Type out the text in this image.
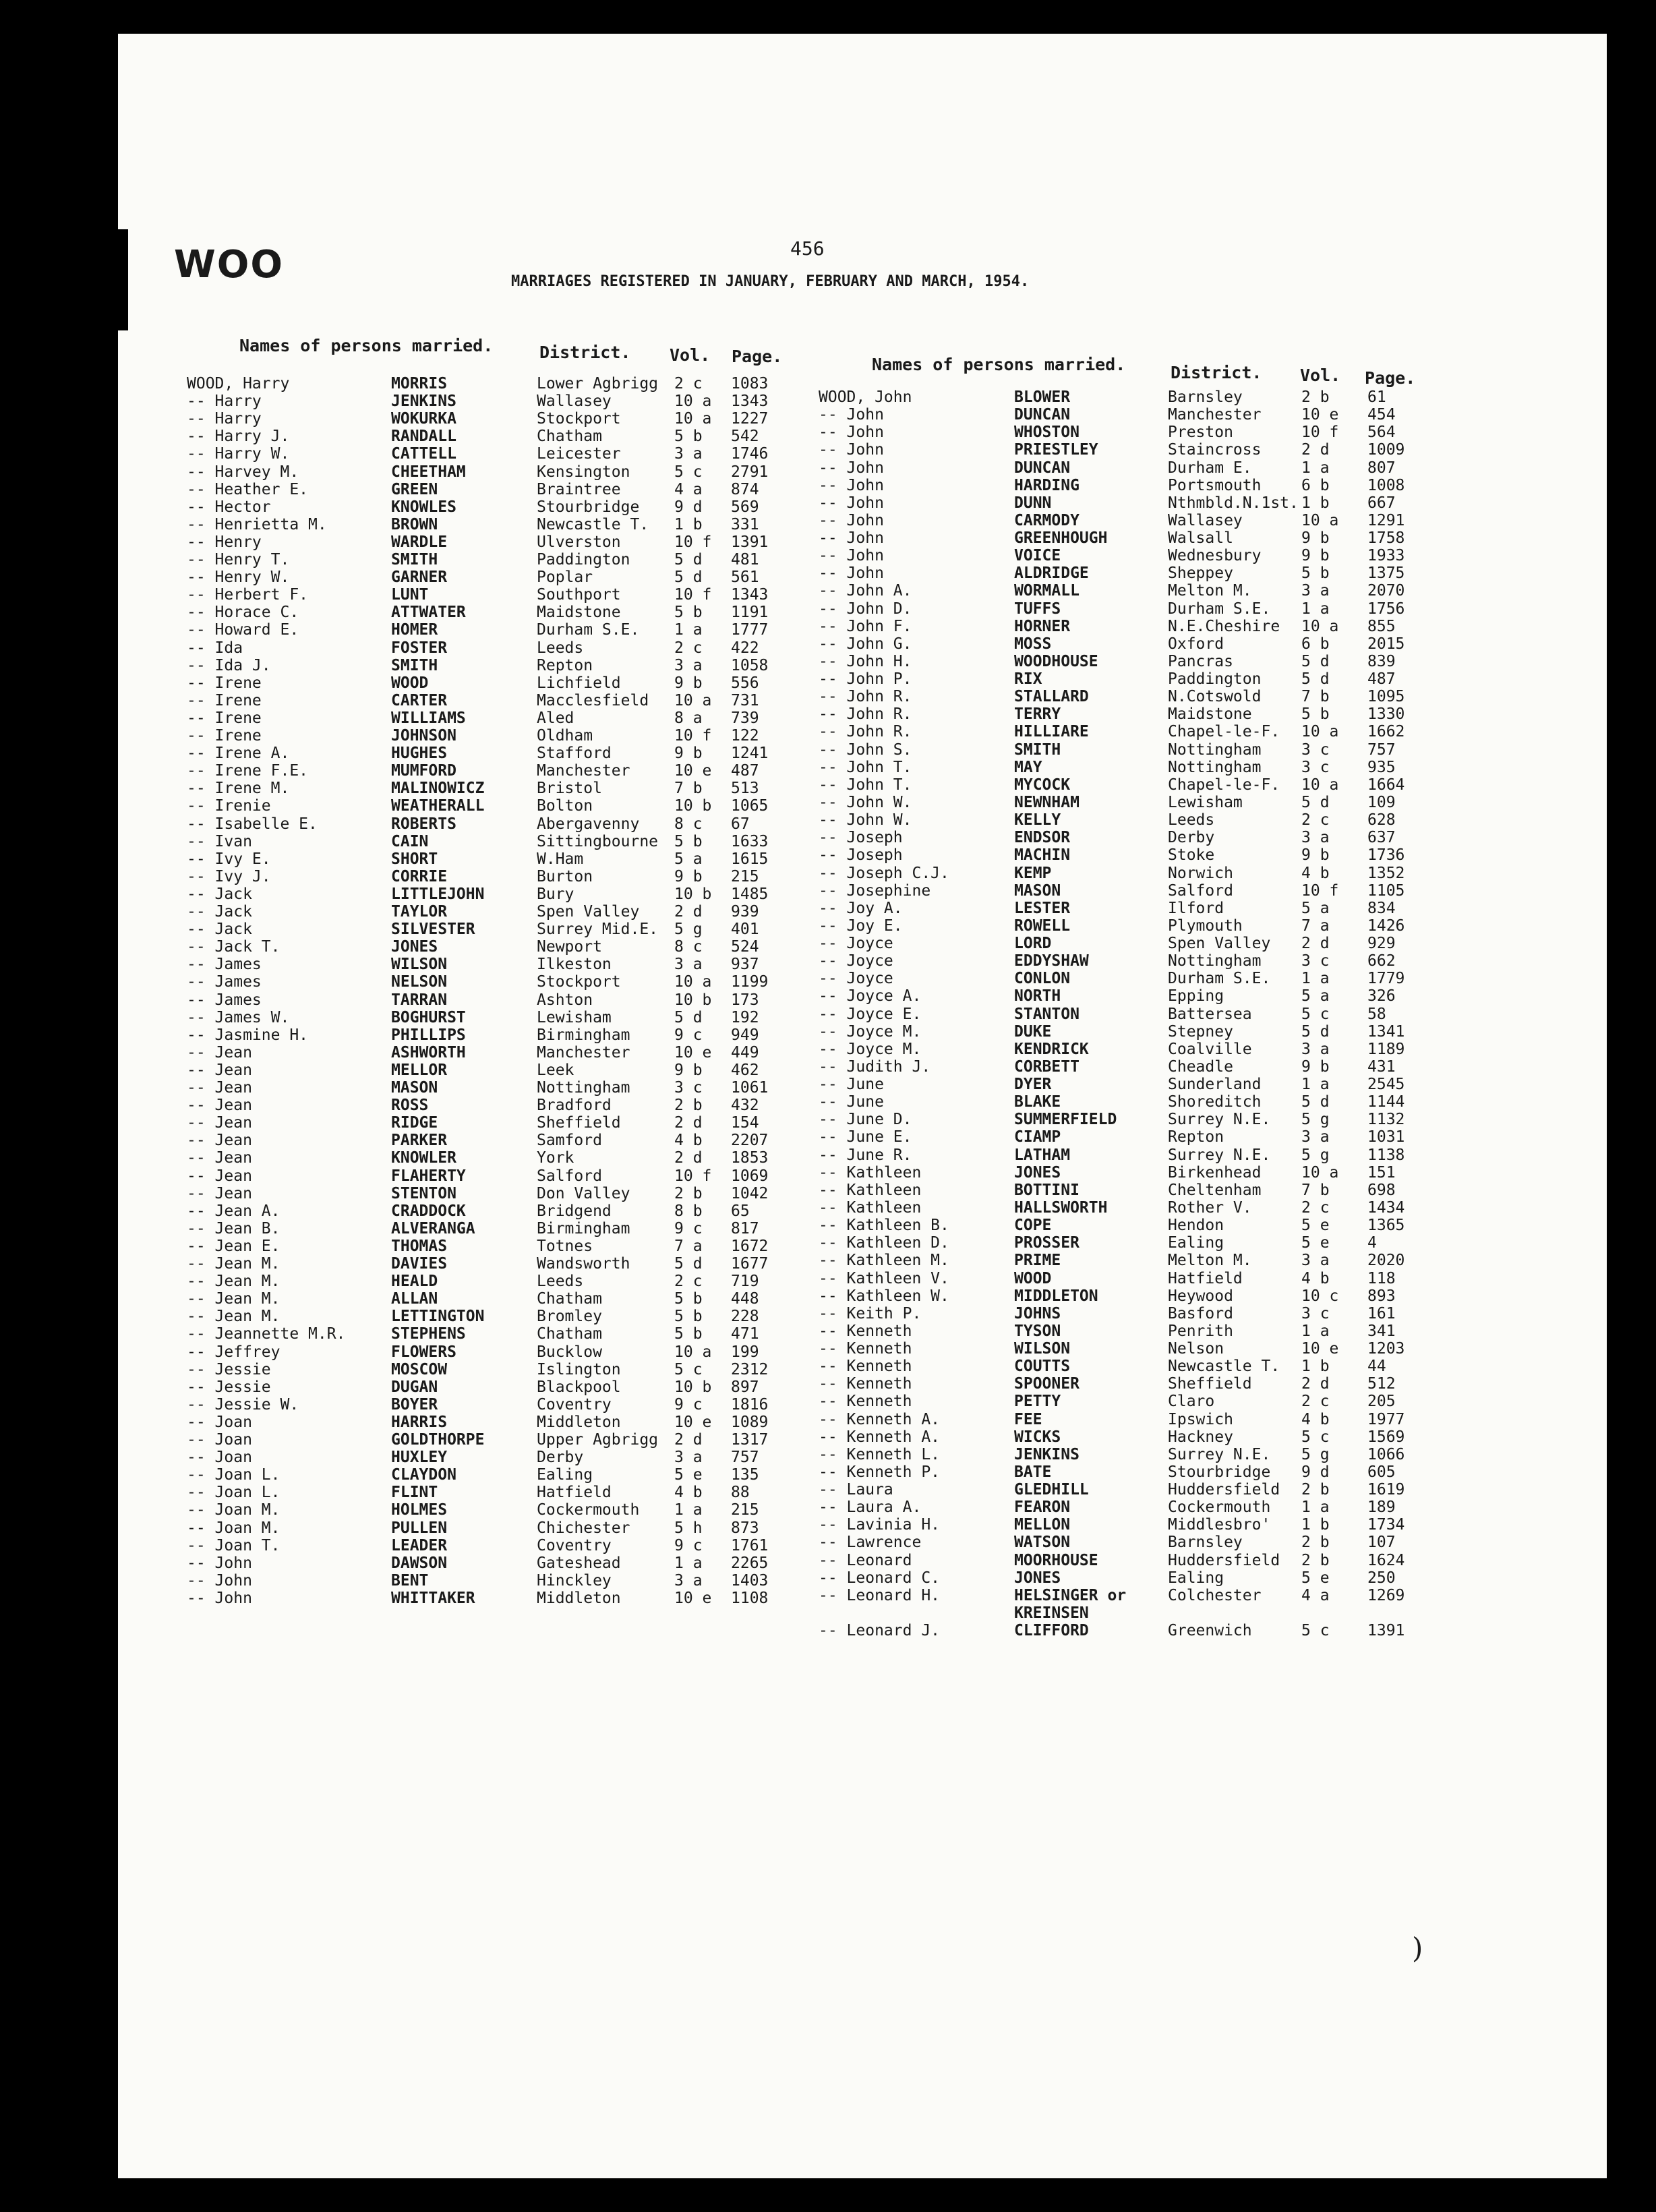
WOO	456
MARRIAGES REGISTERED IN JANUARY, FEBRUARY AND MARCH, 1954.
Names of persons married.	District. Vol. Page.	Names of persons married.	District. Vol. Page.
WOOD, Harry	MORRIS	Lower Agbrigg 2 c 1083
-- Harry	JENKINS	Wallasey	10 a 1343
-- Harry	WOKURKA	Stockport	10 a 1227
-- Harry J.	RANDALL	Chatham	5 b 542
-- Harry W.	CATTELL	Leicester	3 a 1746
-- Harvey M.	CHEETHAM	Kensington	5 c 2791
-- Heather E.	GREEN	Braintree	4 a 874
-- Hector	KNOWLES	Stourbridge 9 d 569
-- Henrietta M.	BROWN	Newcastle T. 1 b 331
-- Henry	WARDLE	Ulverston	10 f 1391
-- Henry T.	SMITH	Paddington	5 d 481
-- Henry W.	GARNER	Poplar	5 d 561
-- Herbert F.	LUNT	Southport	10 f 1343
-- Horace C.	ATTWATER	Maidstone	5 b 1191
-- Howard E.	HOMER	Durham S.E. 1 a 1777
-- Ida	FOSTER	Leeds	2 c 422
-- Ida J.	SMITH	Repton	3 a 1058
-- Irene	WOOD	Lichfield	9 b 556
-- Irene	CARTER	Macclesfield 10 a 731
-- Irene	WILLIAMS	Aled	8 a 739
-- Irene	JOHNSON	Oldham	10 f 122
-- Irene A.	HUGHES	Stafford	9 b 1241
-- Irene F.E.	MUMFORD	Manchester	10 e 487
-- Irene M.	MALINOWICZ	Bristol	7 b 513
-- Irenie	WEATHERALL	Bolton	10 b 1065
-- Isabelle E.	ROBERTS	Abergavenny 8 c 67
-- Ivan	CAIN	Sittingbourne 5 b 1633
-- Ivy E.	SHORT	W.Ham	5 a 1615
-- Ivy J.	CORRIE	Burton	9 b 215
-- Jack	LITTLEJOHN	Bury	10 b 1485
-- Jack	TAYLOR	Spen Valley 2 d 939
-- Jack	SILVESTER	Surrey Mid.E. 5 g 401
-- Jack T.	JONES	Newport	8 c 524
-- James	WILSON	Ilkeston	3 a 937
-- James	NELSON	Stockport	10 a 1199
-- James	TARRAN	Ashton	10 b 173
-- James W.	BOGHURST	Lewisham	5 d 192
-- Jasmine H.	PHILLIPS	Birmingham	9 c 949
-- Jean	ASHWORTH	Manchester	10 e 449
-- Jean	MELLOR	Leek	9 b 462
-- Jean	MASON	Nottingham	3 c 1061
-- Jean	ROSS	Bradford	2 b 432
-- Jean	RIDGE	Sheffield	2 d 154
-- Jean	PARKER	Samford	4 b 2207
-- Jean	KNOWLER	York	2 d 1853
-- Jean	FLAHERTY	Salford	10 f 1069
-- Jean	STENTON	Don Valley	2 b 1042
-- Jean A.	CRADDOCK	Bridgend	8 b 65
-- Jean B.	ALVERANGA	Birmingham	9 c 817
-- Jean E.	THOMAS	Totnes	7 a 1672
-- Jean M.	DAVIES	Wandsworth	5 d 1677
-- Jean M.	HEALD	Leeds	2 c 719
-- Jean M.	ALLAN	Chatham	5 b 448
-- Jean M.	LETTINGTON	Bromley	5 b 228
-- Jeannette M.R.	STEPHENS	Chatham	5 b 471
-- Jeffrey	FLOWERS	Bucklow	10 a 199
-- Jessie	MOSCOW	Islington	5 c 2312
-- Jessie	DUGAN	Blackpool	10 b 897
-- Jessie W.	BOYER	Coventry	9 c 1816
-- Joan	HARRIS	Middleton	10 e 1089
-- Joan	GOLDTHORPE	Upper Agbrigg 2 d 1317
-- Joan	HUXLEY	Derby	3 a 757
-- Joan L.	CLAYDON	Ealing	5 e 135
-- Joan L.	FLINT	Hatfield	4 b 88
-- Joan M.	HOLMES	Cockermouth 1 a 215
-- Joan M.	PULLEN	Chichester	5 h 873
-- Joan T.	LEADER	Coventry	9 c 1761
-- John	DAWSON	Gateshead	1 a 2265
-- John	BENT	Hinckley	3 a 1403
-- John	WHITTAKER	Middleton	10 e 1108
WOOD, John	BLOWER	Barnsley	2 b 61
-- John	DUNCAN	Manchester	10 e 454
-- John	WHOSTON	Preston	10 f 564
-- John	PRIESTLEY	Staincross	2 d 1009
-- John	DUNCAN	Durham E.	1 a 807
-- John	HARDING	Portsmouth	6 b 1008
-- John	DUNN	Nthmbld.N.1st. 1 b 667
-- John	CARMODY	Wallasey	10 a 1291
-- John	GREENHOUGH	Walsall	9 b 1758
-- John	VOICE	Wednesbury	9 b 1933
-- John	ALDRIDGE	Sheppey	5 b 1375
-- John A.	WORMALL	Melton M.	3 a 2070
-- John D.	TUFFS	Durham S.E. 1 a 1756
-- John F.	HORNER	N.E.Cheshire 10 a 855
-- John G.	MOSS	Oxford	6 b 2015
-- John H.	WOODHOUSE	Pancras	5 d 839
-- John P.	RIX	Paddington	5 d 487
-- John R.	STALLARD	N.Cotswold	7 b 1095
-- John R.	TERRY	Maidstone	5 b 1330
-- John R.	HILLIARE	Chapel-le-F. 10 a 1662
-- John S.	SMITH	Nottingham	3 c 757
-- John T.	MAY	Nottingham	3 c 935
-- John T.	MYCOCK	Chapel-le-F. 10 a 1664
-- John W.	NEWNHAM	Lewisham	5 d 109
-- John W.	KELLY	Leeds	2 c 628
-- Joseph	ENDSOR	Derby	3 a 637
-- Joseph	MACHIN	Stoke	9 b 1736
-- Joseph C.J.	KEMP	Norwich	4 b 1352
-- Josephine	MASON	Salford	10 f 1105
-- Joy A.	LESTER	Ilford	5 a 834
-- Joy E.	ROWELL	Plymouth	7 a 1426
-- Joyce	LORD	Spen Valley 2 d 929
-- Joyce	EDDYSHAW	Nottingham	3 c 662
-- Joyce	CONLON	Durham S.E. 1 a 1779
-- Joyce A.	NORTH	Epping	5 a 326
-- Joyce E.	STANTON	Battersea	5 c 58
-- Joyce M.	DUKE	Stepney	5 d 1341
-- Joyce M.	KENDRICK	Coalville	3 a 1189
-- Judith J.	CORBETT	Cheadle	9 b 431
-- June	DYER	Sunderland	1 a 2545
-- June	BLAKE	Shoreditch	5 d 1144
-- June D.	SUMMERFIELD	Surrey N.E. 5 g 1132
-- June E.	CIAMP	Repton	3 a 1031
-- June R.	LATHAM	Surrey N.E. 5 g 1138
-- Kathleen	JONES	Birkenhead	10 a 151
-- Kathleen	BOTTINI	Cheltenham	7 b 698
-- Kathleen	HALLSWORTH	Rother V.	2 c 1434
-- Kathleen B.	COPE	Hendon	5 e 1365
-- Kathleen D.	PROSSER	Ealing	5 e 4
-- Kathleen M.	PRIME	Melton M.	3 a 2020
-- Kathleen V.	WOOD	Hatfield	4 b 118
-- Kathleen W.	MIDDLETON	Heywood	10 c 893
-- Keith P.	JOHNS	Basford	3 c 161
-- Kenneth	TYSON	Penrith	1 a 341
-- Kenneth	WILSON	Nelson	10 e 1203
-- Kenneth	COUTTS	Newcastle T. 1 b 44
-- Kenneth	SPOONER	Sheffield	2 d 512
-- Kenneth	PETTY	Claro	2 c 205
-- Kenneth A.	FEE	Ipswich	4 b 1977
-- Kenneth A.	WICKS	Hackney	5 c 1569
-- Kenneth L.	JENKINS	Surrey N.E. 5 g 1066
-- Kenneth P.	BATE	Stourbridge 9 d 605
-- Laura	GLEDHILL	Huddersfield 2 b 1619
-- Laura A.	FEARON	Cockermouth 1 a 189
-- Lavinia H.	MELLON	Middlesbro' 1 b 1734
-- Lawrence	WATSON	Barnsley	2 b 107
-- Leonard	MOORHOUSE	Huddersfield 2 b 1624
-- Leonard C.	JONES	Ealing	5 e 250
-- Leonard H.	HELSINGER or	Colchester	4 a 1269
KREINSEN
-- Leonard J.	CLIFFORD	Greenwich	5 c 1391
)
